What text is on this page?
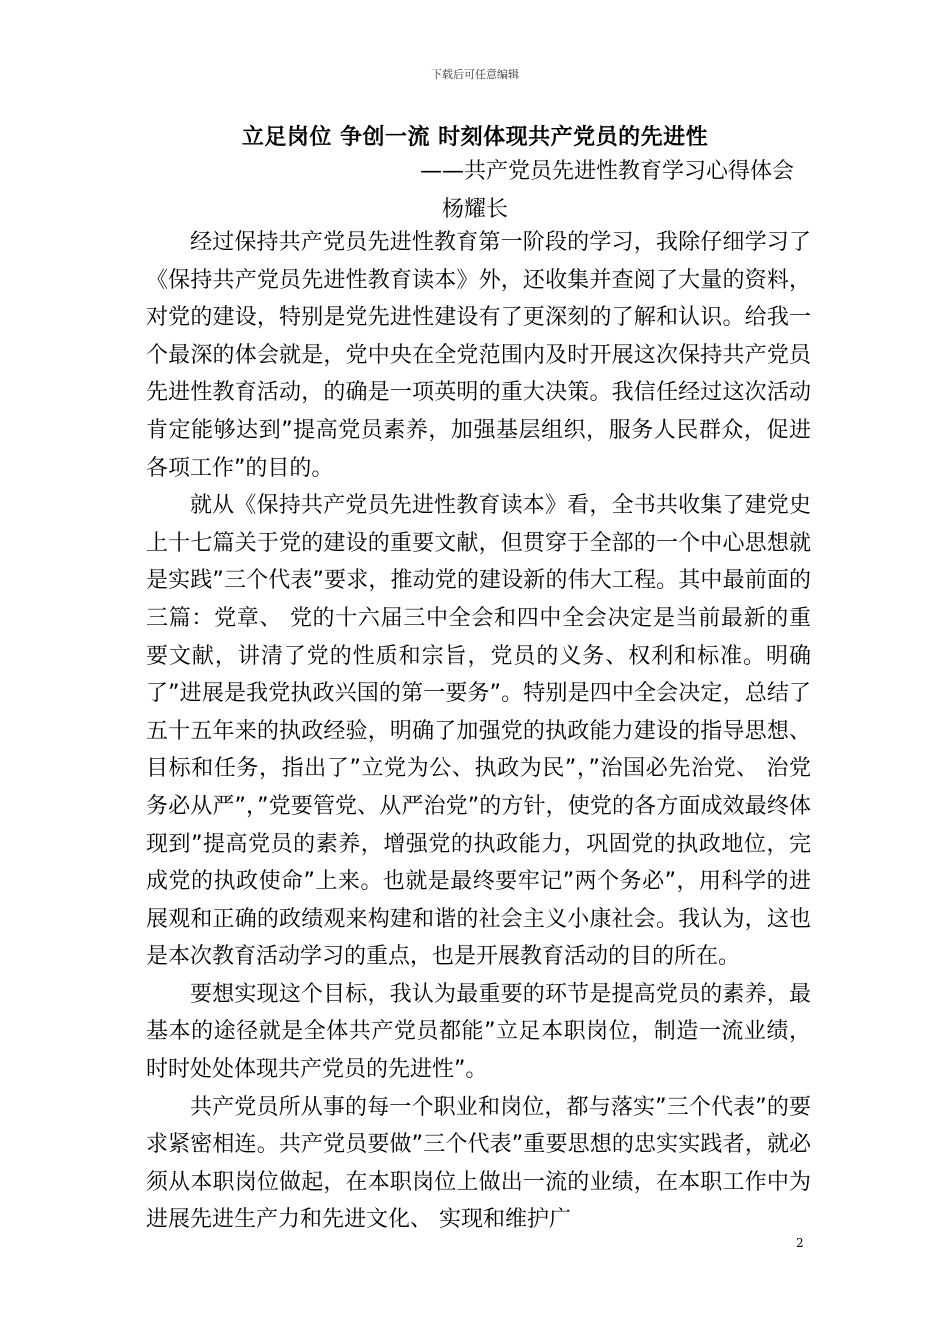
下载后可任意编辑
立足岗位 争创一流 时刻体现共产党员的先进性
——共产党员先进性教育学习心得体会
杨耀长

经过保持共产党员先进性教育第一阶段的学习，我除仔细学习了《保持共产党员先进性教育读本》外，还收集并查阅了大量的资料，对党的建设，特别是党先进性建设有了更深刻的了解和认识。给我一个最深的体会就是，党中央在全党范围内及时开展这次保持共产党员先进性教育活动，的确是一项英明的重大决策。我信任经过这次活动肯定能够达到”提高党员素养，加强基层组织，服务人民群众，促进各项工作”的目的。

就从《保持共产党员先进性教育读本》看，全书共收集了建党史上十七篇关于党的建设的重要文献，但贯穿于全部的一个中心思想就是实践”三个代表”要求，推动党的建设新的伟大工程。其中最前面的三篇：党章、 党的十六届三中全会和四中全会决定是当前最新的重要文献，讲清了党的性质和宗旨，党员的义务、权利和标准。明确了”进展是我党执政兴国的第一要务”。特别是四中全会决定，总结了五十五年来的执政经验，明确了加强党的执政能力建设的指导思想、 目标和任务，指出了”立党为公、执政为民”，”治国必先治党、 治党务必从严”，”党要管党、从严治党”的方针，使党的各方面成效最终体现到”提高党员的素养，增强党的执政能力，巩固党的执政地位，完成党的执政使命”上来。也就是最终要牢记”两个务必”，用科学的进展观和正确的政绩观来构建和谐的社会主义小康社会。我认为，这也是本次教育活动学习的重点，也是开展教育活动的目的所在。

要想实现这个目标，我认为最重要的环节是提高党员的素养，最基本的途径就是全体共产党员都能”立足本职岗位，制造一流业绩，时时处处体现共产党员的先进性”。

共产党员所从事的每一个职业和岗位，都与落实”三个代表”的要求紧密相连。共产党员要做”三个代表”重要思想的忠实实践者，就必须从本职岗位做起，在本职岗位上做出一流的业绩，在本职工作中为进展先进生产力和先进文化、 实现和维护广

2
